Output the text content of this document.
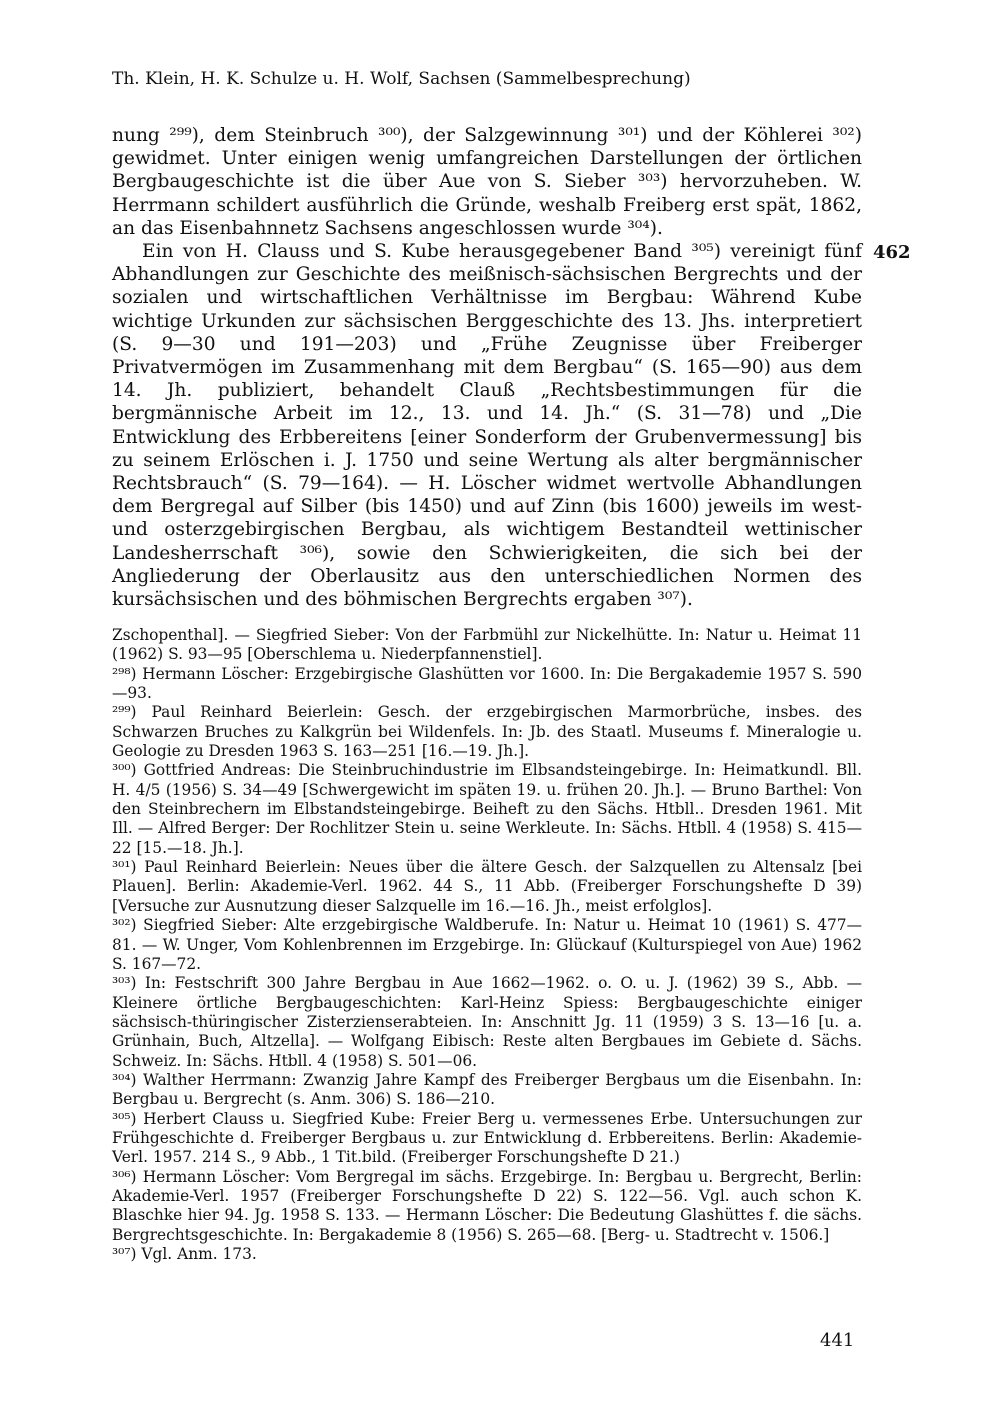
Th. Klein, H. K. Schulze u. H. Wolf, Sachsen (Sammelbesprechung)

nung ²⁹⁹), dem Steinbruch ³⁰⁰), der Salzgewinnung ³⁰¹) und der Köhlerei ³⁰²) gewidmet. Unter einigen wenig umfangreichen Darstellungen der örtlichen Bergbaugeschichte ist die über Aue von S. Sieber ³⁰³) hervorzuheben. W. Herrmann schildert ausführlich die Gründe, weshalb Freiberg erst spät, 1862, an das Eisenbahnnetz Sachsens angeschlossen wurde ³⁰⁴).

Ein von H. Clauss und S. Kube herausgegebener Band ³⁰⁵) vereinigt fünf Abhandlungen zur Geschichte des meißnisch-sächsischen Bergrechts und der sozialen und wirtschaftlichen Verhältnisse im Bergbau: Während Kube wichtige Urkunden zur sächsischen Berggeschichte des 13. Jhs. interpretiert (S. 9—30 und 191—203) und „Frühe Zeugnisse über Freiberger Privatvermögen im Zusammenhang mit dem Bergbau“ (S. 165—90) aus dem 14. Jh. publiziert, behandelt Clauß „Rechtsbestimmungen für die bergmännische Arbeit im 12., 13. und 14. Jh.“ (S. 31—78) und „Die Entwicklung des Erbbereitens [einer Sonderform der Grubenvermessung] bis zu seinem Erlöschen i. J. 1750 und seine Wertung als alter bergmännischer Rechtsbrauch“ (S. 79—164). — H. Löscher widmet wertvolle Abhandlungen dem Bergregal auf Silber (bis 1450) und auf Zinn (bis 1600) jeweils im west- und osterzgebirgischen Bergbau, als wichtigem Bestandteil wettinischer Landesherrschaft ³⁰⁶), sowie den Schwierigkeiten, die sich bei der Angliederung der Oberlausitz aus den unterschiedlichen Normen des kursächsischen und des böhmischen Bergrechts ergaben ³⁰⁷).

462

Zschopenthal]. — Siegfried Sieber: Von der Farbmühl zur Nickelhütte. In: Natur u. Heimat 11 (1962) S. 93—95 [Oberschlema u. Niederpfannenstiel].

²⁹⁸) Hermann Löscher: Erzgebirgische Glashütten vor 1600. In: Die Bergakademie 1957 S. 590—93.

²⁹⁹) Paul Reinhard Beierlein: Gesch. der erzgebirgischen Marmorbrüche, insbes. des Schwarzen Bruches zu Kalkgrün bei Wildenfels. In: Jb. des Staatl. Museums f. Mineralogie u. Geologie zu Dresden 1963 S. 163—251 [16.—19. Jh.].

³⁰⁰) Gottfried Andreas: Die Steinbruchindustrie im Elbsandsteingebirge. In: Heimatkundl. Bll. H. 4/5 (1956) S. 34—49 [Schwergewicht im späten 19. u. frühen 20. Jh.]. — Bruno Barthel: Von den Steinbrechern im Elbstandsteingebirge. Beiheft zu den Sächs. Htbll.. Dresden 1961. Mit Ill. — Alfred Berger: Der Rochlitzer Stein u. seine Werkleute. In: Sächs. Htbll. 4 (1958) S. 415—22 [15.—18. Jh.].

³⁰¹) Paul Reinhard Beierlein: Neues über die ältere Gesch. der Salzquellen zu Altensalz [bei Plauen]. Berlin: Akademie-Verl. 1962. 44 S., 11 Abb. (Freiberger Forschungshefte D 39) [Versuche zur Ausnutzung dieser Salzquelle im 16.—16. Jh., meist erfolglos].

³⁰²) Siegfried Sieber: Alte erzgebirgische Waldberufe. In: Natur u. Heimat 10 (1961) S. 477—81. — W. Unger, Vom Kohlenbrennen im Erzgebirge. In: Glückauf (Kulturspiegel von Aue) 1962 S. 167—72.

³⁰³) In: Festschrift 300 Jahre Bergbau in Aue 1662—1962. o. O. u. J. (1962) 39 S., Abb. — Kleinere örtliche Bergbaugeschichten: Karl-Heinz Spiess: Bergbaugeschichte einiger sächsisch-thüringischer Zisterzienserabteien. In: Anschnitt Jg. 11 (1959) 3 S. 13—16 [u. a. Grünhain, Buch, Altzella]. — Wolfgang Eibisch: Reste alten Bergbaues im Gebiete d. Sächs. Schweiz. In: Sächs. Htbll. 4 (1958) S. 501—06.

³⁰⁴) Walther Herrmann: Zwanzig Jahre Kampf des Freiberger Bergbaus um die Eisenbahn. In: Bergbau u. Bergrecht (s. Anm. 306) S. 186—210.

³⁰⁵) Herbert Clauss u. Siegfried Kube: Freier Berg u. vermessenes Erbe. Untersuchungen zur Frühgeschichte d. Freiberger Bergbaus u. zur Entwicklung d. Erbbereitens. Berlin: Akademie-Verl. 1957. 214 S., 9 Abb., 1 Tit.bild. (Freiberger Forschungshefte D 21.)

³⁰⁶) Hermann Löscher: Vom Bergregal im sächs. Erzgebirge. In: Bergbau u. Bergrecht, Berlin: Akademie-Verl. 1957 (Freiberger Forschungshefte D 22) S. 122—56. Vgl. auch schon K. Blaschke hier 94. Jg. 1958 S. 133. — Hermann Löscher: Die Bedeutung Glashüttes f. die sächs. Bergrechtsgeschichte. In: Bergakademie 8 (1956) S. 265—68. [Berg- u. Stadtrecht v. 1506.]

³⁰⁷) Vgl. Anm. 173.

441
